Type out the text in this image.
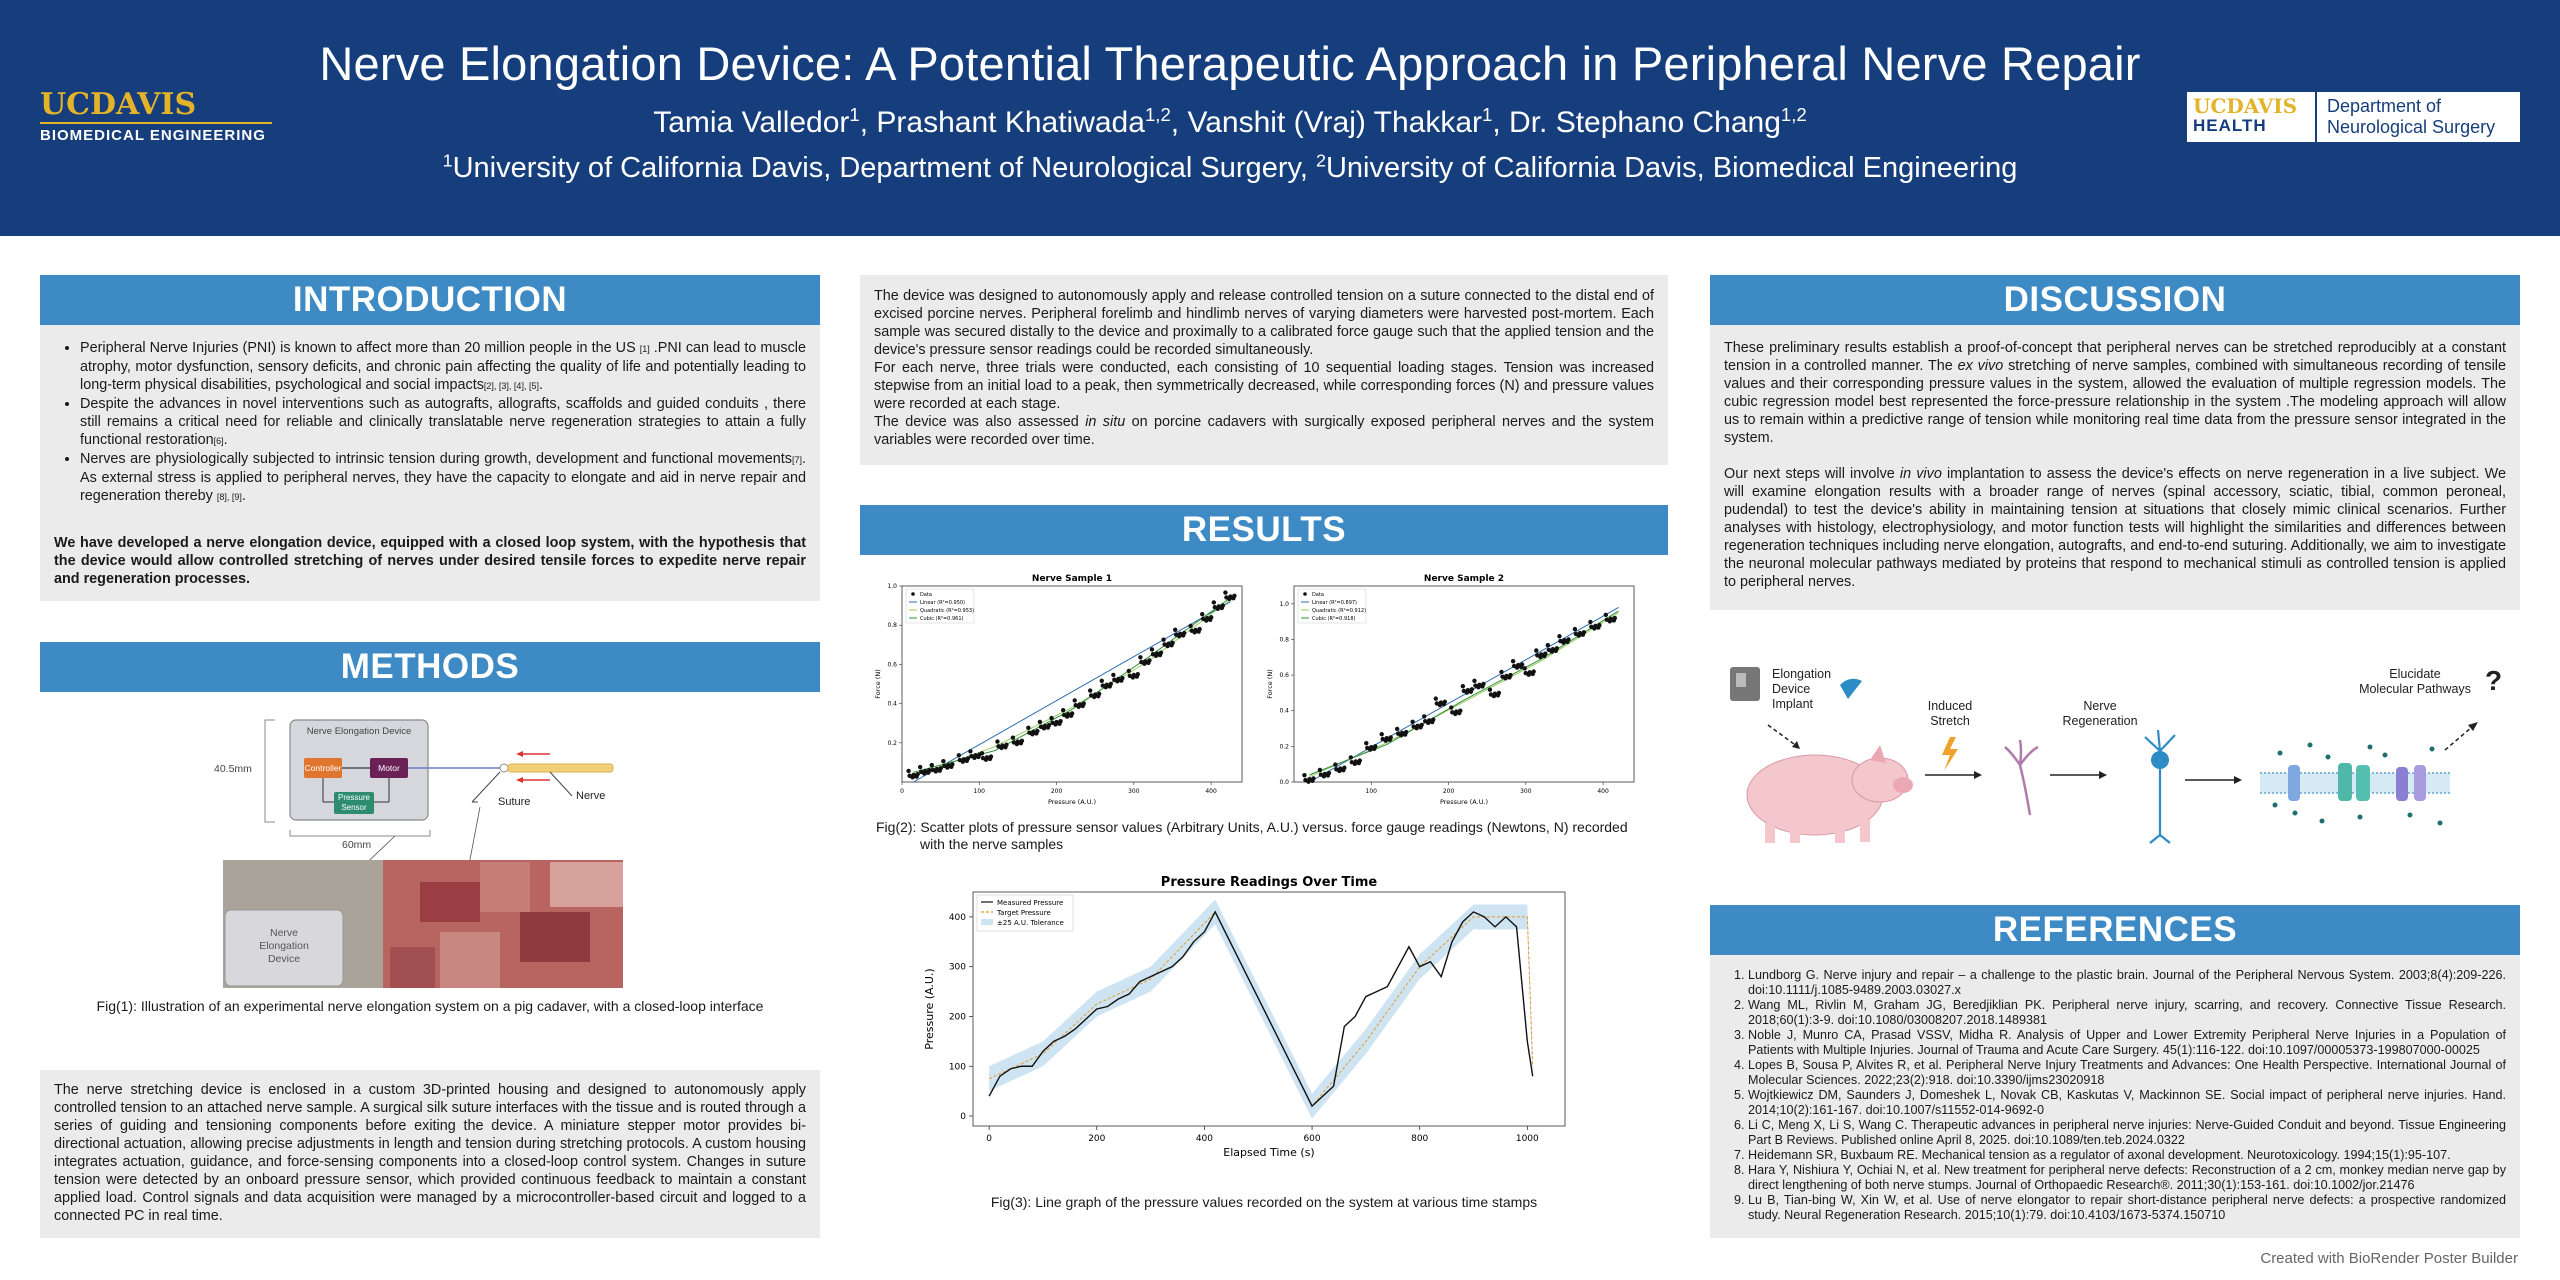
UCDAVIS
BIOMEDICAL ENGINEERING
Nerve Elongation Device: A Potential Therapeutic Approach in Peripheral Nerve Repair
Tamia Valledor$^1$, Prashant Khatiwada$^{1,2}$, Vanshit (Vraj) Thakkar$^1$, Dr. Stephano Chang$^{1,2}$
$^1$University of California Davis, Department of Neurological Surgery, $^2$University of California Davis, Biomedical Engineering
UCDAVIS
HEALTH
Department of
Neurological Surgery
INTRODUCTION
• Peripheral Nerve Injuries (PNI) is known to affect more than 20 million people in the US [1] .PNI can lead to muscle atrophy, motor dysfunction, sensory deficits, and chronic pain affecting the quality of life and potentially leading to long-term physical disabilities, psychological and social impacts[2], [3], [4], [5].
• Despite the advances in novel interventions such as autografts, allografts, scaffolds and guided conduits , there still remains a critical need for reliable and clinically translatable nerve regeneration strategies to attain a fully functional restoration[6].
• Nerves are physiologically subjected to intrinsic tension during growth, development and functional movements[7]. As external stress is applied to peripheral nerves, they have the capacity to elongate and aid in nerve repair and regeneration thereby [8], [9].

We have developed a nerve elongation device, equipped with a closed loop system, with the hypothesis that the device would allow controlled stretching of nerves under desired tensile forces to expedite nerve repair and regeneration processes.

METHODS
Nerve Elongation Device
Controller	Motor
Pressure
Sensor
40.5mm
60mm
Suture	Nerve
Nerve
Elongation
Device
Fig(1): Illustration of an experimental nerve elongation system on a pig cadaver, with a closed-loop interface

The nerve stretching device is enclosed in a custom 3D-printed housing and designed to autonomously apply controlled tension to an attached nerve sample. A surgical silk suture interfaces with the tissue and is routed through a series of guiding and tensioning components before exiting the device. A miniature stepper motor provides bi-directional actuation, allowing precise adjustments in length and tension during stretching protocols. A custom housing integrates actuation, guidance, and force-sensing components into a closed-loop control system. Changes in suture tension were detected by an onboard pressure sensor, which provided continuous feedback to maintain a constant applied load. Control signals and data acquisition were managed by a microcontroller-based circuit and logged to a connected PC in real time.

The device was designed to autonomously apply and release controlled tension on a suture connected to the distal end of excised porcine nerves. Peripheral forelimb and hindlimb nerves of varying diameters were harvested post-mortem. Each sample was secured distally to the device and proximally to a calibrated force gauge such that the applied tension and the device's pressure sensor readings could be recorded simultaneously.

For each nerve, three trials were conducted, each consisting of 10 sequential loading stages. Tension was increased stepwise from an initial load to a peak, then symmetrically decreased, while corresponding forces (N) and pressure values were recorded at each stage.

The device was also assessed in situ on porcine cadavers with surgically exposed peripheral nerves and the system variables were recorded over time.

RESULTS
Nerve Sample 1
0	100	200	300	400
0.2
0.4
0.6
0.8
1.0
Pressure (A.U.)
Force (N)
Data
Linear (R²=0.950)
Quadratic (R²=0.953)
Cubic (R²=0.961)
Nerve Sample 2
100	200	300	400
0.0
0.2
0.4
0.6
0.8
1.0
Pressure (A.U.)
Force (N)
Data
Linear (R²=0.897)
Quadratic (R²=0.912)
Cubic (R²=0.918)
Fig(2): Scatter plots of pressure sensor values (Arbitrary Units, A.U.) versus. force gauge readings (Newtons, N) recorded with the nerve samples
Pressure Readings Over Time
0	200	400	600	800	1000
0
100
200
300
400
Elapsed Time (s)
Pressure (A.U.)
Measured Pressure
Target Pressure
±25 A.U. Tolerance
Fig(3): Line graph of the pressure values recorded on the system at various time stamps
DISCUSSION

These preliminary results establish a proof-of-concept that peripheral nerves can be stretched reproducibly at a constant tension in a controlled manner. The ex vivo stretching of nerve samples, combined with simultaneous recording of tensile values and their corresponding pressure values in the system, allowed the evaluation of multiple regression models. The cubic regression model best represented the force-pressure relationship in the system .The modeling approach will allow us to remain within a predictive range of tension while monitoring real time data from the pressure sensor integrated in the system.

Our next steps will involve in vivo implantation to assess the device's effects on nerve regeneration in a live subject. We will examine elongation results with a broader range of nerves (spinal accessory, sciatic, tibial, common peroneal, pudendal) to test the device's ability in maintaining tension at situations that closely mimic clinical scenarios. Further analyses with histology, electrophysiology, and motor function tests will highlight the similarities and differences between regeneration techniques including nerve elongation, autografts, and end-to-end suturing. Additionally, we aim to investigate the neuronal molecular pathways mediated by proteins that respond to mechanical stimuli as controlled tension is applied to peripheral nerves.

Elongation
Device
Implant	Induced
Stretch
Nerve
Regeneration
Elucidate
Molecular Pathways ?
REFERENCES
1. Lundborg G. Nerve injury and repair – a challenge to the plastic brain. Journal of the Peripheral Nervous System. 2003;8(4):209-226. doi:10.1111/j.1085-9489.2003.03027.x
2. Wang ML, Rivlin M, Graham JG, Beredjiklian PK. Peripheral nerve injury, scarring, and recovery. Connective Tissue Research. 2018;60(1):3-9. doi:10.1080/03008207.2018.1489381
3. Noble J, Munro CA, Prasad VSSV, Midha R. Analysis of Upper and Lower Extremity Peripheral Nerve Injuries in a Population of Patients with Multiple Injuries. Journal of Trauma and Acute Care Surgery. 45(1):116-122. doi:10.1097/00005373-199807000-00025
4. Lopes B, Sousa P, Alvites R, et al. Peripheral Nerve Injury Treatments and Advances: One Health Perspective. International Journal of Molecular Sciences. 2022;23(2):918. doi:10.3390/ijms23020918
5. Wojtkiewicz DM, Saunders J, Domeshek L, Novak CB, Kaskutas V, Mackinnon SE. Social impact of peripheral nerve injuries. Hand. 2014;10(2):161-167. doi:10.1007/s11552-014-9692-0
6. Li C, Meng X, Li S, Wang C. Therapeutic advances in peripheral nerve injuries: Nerve-Guided Conduit and beyond. Tissue Engineering Part B Reviews. Published online April 8, 2025. doi:10.1089/ten.teb.2024.0322
7. Heidemann SR, Buxbaum RE. Mechanical tension as a regulator of axonal development. Neurotoxicology. 1994;15(1):95-107.
8. Hara Y, Nishiura Y, Ochiai N, et al. New treatment for peripheral nerve defects: Reconstruction of a 2 cm, monkey median nerve gap by direct lengthening of both nerve stumps. Journal of Orthopaedic Research®. 2011;30(1):153-161. doi:10.1002/jor.21476
9. Lu B, Tian-bing W, Xin W, et al. Use of nerve elongator to repair short-distance peripheral nerve defects: a prospective randomized study. Neural Regeneration Research. 2015;10(1):79. doi:10.4103/1673-5374.150710
Created with BioRender Poster Builder
